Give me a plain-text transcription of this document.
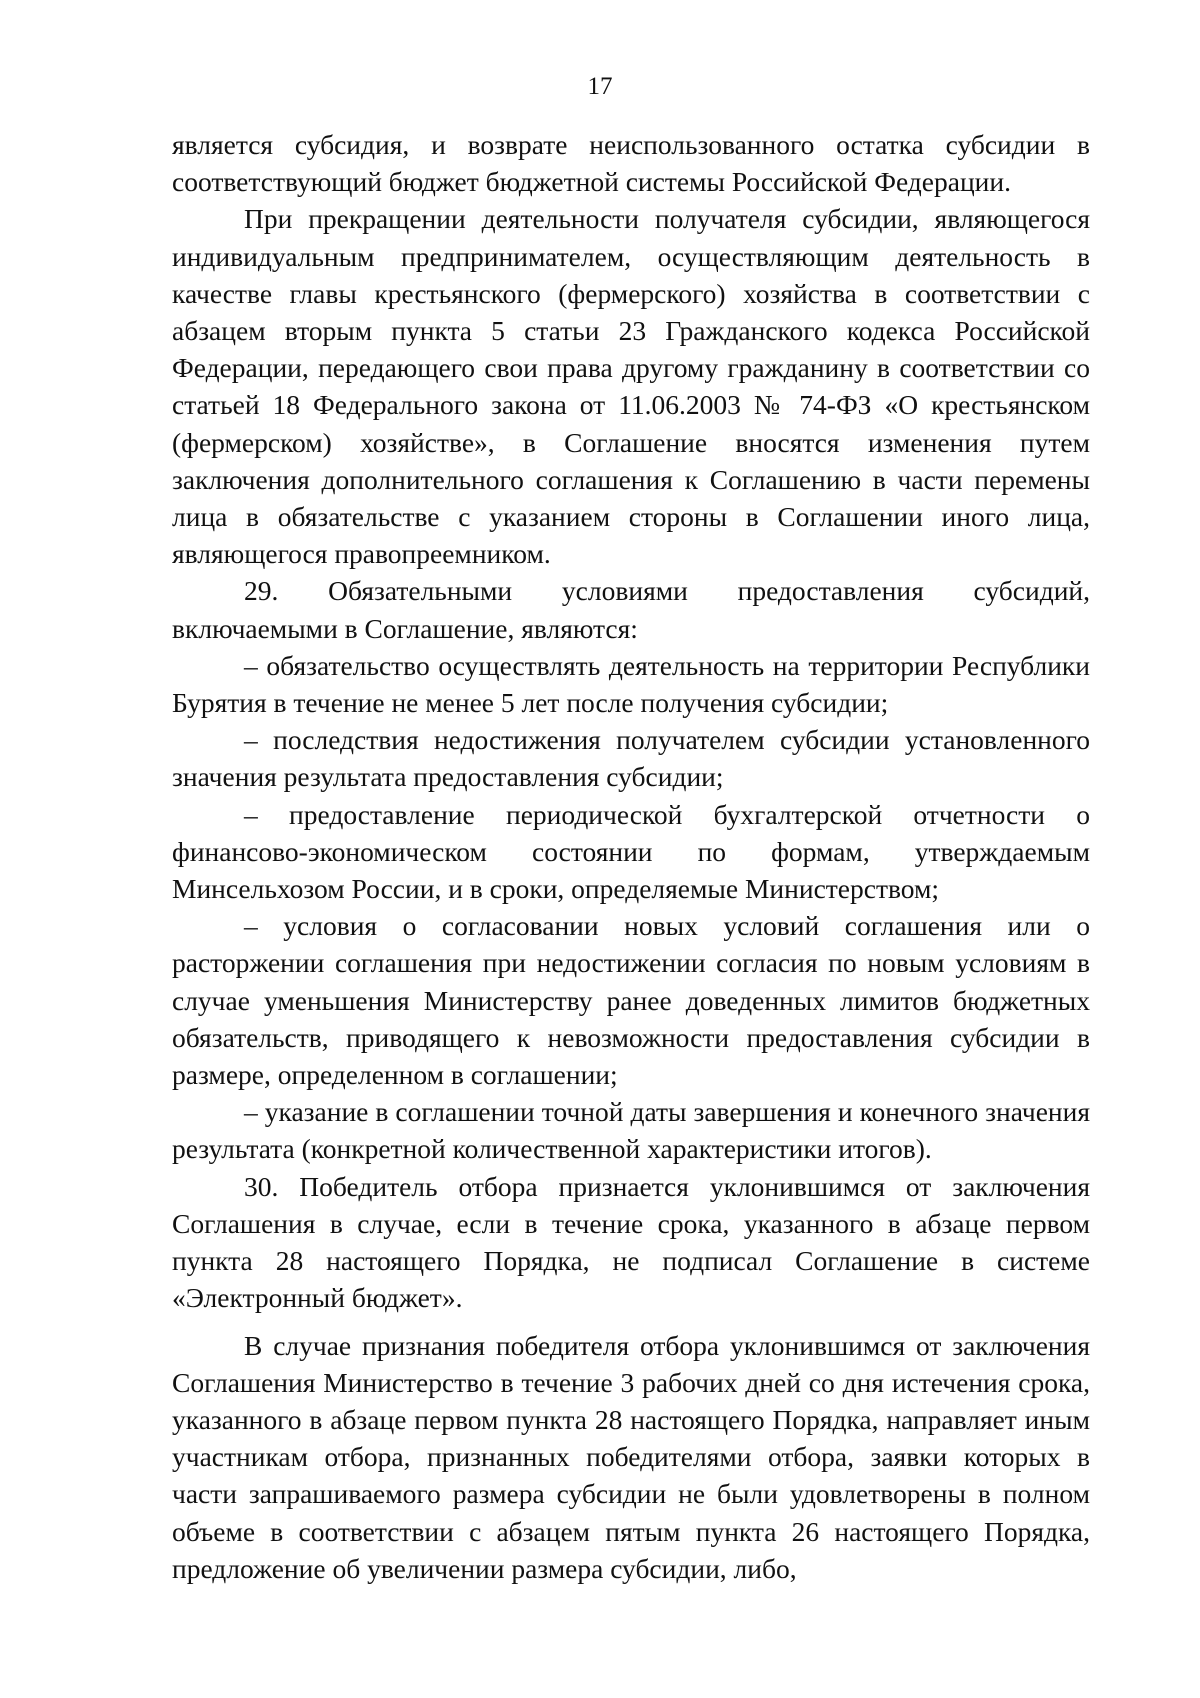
17

является субсидия, и возврате неиспользованного остатка субсидии в соответствующий бюджет бюджетной системы Российской Федерации.

При прекращении деятельности получателя субсидии, являющегося индивидуальным предпринимателем, осуществляющим деятельность в качестве главы крестьянского (фермерского) хозяйства в соответствии с абзацем вторым пункта 5 статьи 23 Гражданского кодекса Российской Федерации, передающего свои права другому гражданину в соответствии со статьей 18 Федерального закона от 11.06.2003 № 74-ФЗ «О крестьянском (фермерском) хозяйстве», в Соглашение вносятся изменения путем заключения дополнительного соглашения к Соглашению в части перемены лица в обязательстве с указанием стороны в Соглашении иного лица, являющегося правопреемником.

29. Обязательными условиями предоставления субсидий, включаемыми в Соглашение, являются:

– обязательство осуществлять деятельность на территории Республики Бурятия в течение не менее 5 лет после получения субсидии;

– последствия недостижения получателем субсидии установленного значения результата предоставления субсидии;

– предоставление периодической бухгалтерской отчетности о финансово-экономическом состоянии по формам, утверждаемым Минсельхозом России, и в сроки, определяемые Министерством;

– условия о согласовании новых условий соглашения или о расторжении соглашения при недостижении согласия по новым условиям в случае уменьшения Министерству ранее доведенных лимитов бюджетных обязательств, приводящего к невозможности предоставления субсидии в размере, определенном в соглашении;

– указание в соглашении точной даты завершения и конечного значения результата (конкретной количественной характеристики итогов).

30. Победитель отбора признается уклонившимся от заключения Соглашения в случае, если в течение срока, указанного в абзаце первом пункта 28 настоящего Порядка, не подписал Соглашение в системе «Электронный бюджет».

В случае признания победителя отбора уклонившимся от заключения Соглашения Министерство в течение 3 рабочих дней со дня истечения срока, указанного в абзаце первом пункта 28 настоящего Порядка, направляет иным участникам отбора, признанных победителями отбора, заявки которых в части запрашиваемого размера субсидии не были удовлетворены в полном объеме в соответствии с абзацем пятым пункта 26 настоящего Порядка, предложение об увеличении размера субсидии, либо,
